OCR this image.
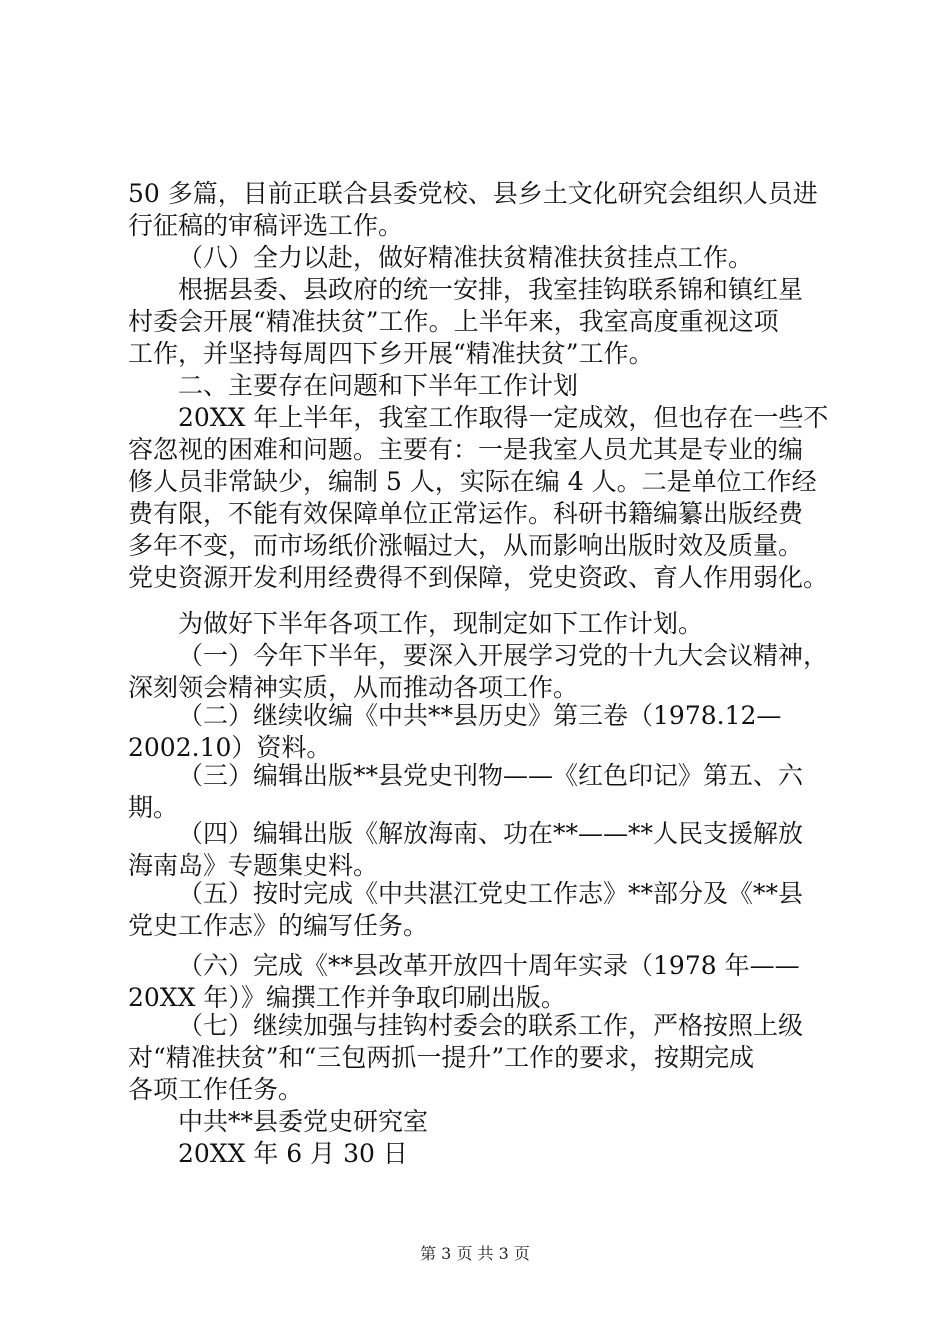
50 多篇，目前正联合县委党校、县乡土文化研究会组织人员进
行征稿的审稿评选工作。
（八）全力以赴，做好精准扶贫精准扶贫挂点工作。
根据县委、县政府的统一安排，我室挂钩联系锦和镇红星
村委会开展“精准扶贫”工作。上半年来，我室高度重视这项
工作，并坚持每周四下乡开展“精准扶贫”工作。
二、主要存在问题和下半年工作计划
20XX 年上半年，我室工作取得一定成效，但也存在一些不
容忽视的困难和问题。主要有：一是我室人员尤其是专业的编
修人员非常缺少，编制 5 人，实际在编 4 人。二是单位工作经
费有限，不能有效保障单位正常运作。科研书籍编纂出版经费
多年不变，而市场纸价涨幅过大，从而影响出版时效及质量。
党史资源开发利用经费得不到保障，党史资政、育人作用弱化。
为做好下半年各项工作，现制定如下工作计划。
（一）今年下半年，要深入开展学习党的十九大会议精神，
深刻领会精神实质，从而推动各项工作。
（二）继续收编《中共**县历史》第三卷（1978.12—
2002.10）资料。
（三）编辑出版**县党史刊物——《红色印记》第五、六
期。
（四）编辑出版《解放海南、功在**——**人民支援解放
海南岛》专题集史料。
（五）按时完成《中共湛江党史工作志》**部分及《**县
党史工作志》的编写任务。
（六）完成《**县改革开放四十周年实录（1978 年——
20XX 年）》编撰工作并争取印刷出版。
（七）继续加强与挂钩村委会的联系工作，严格按照上级
对“精准扶贫”和“三包两抓一提升”工作的要求，按期完成
各项工作任务。
中共**县委党史研究室
20XX 年 6 月 30 日
第 3 页 共 3 页
